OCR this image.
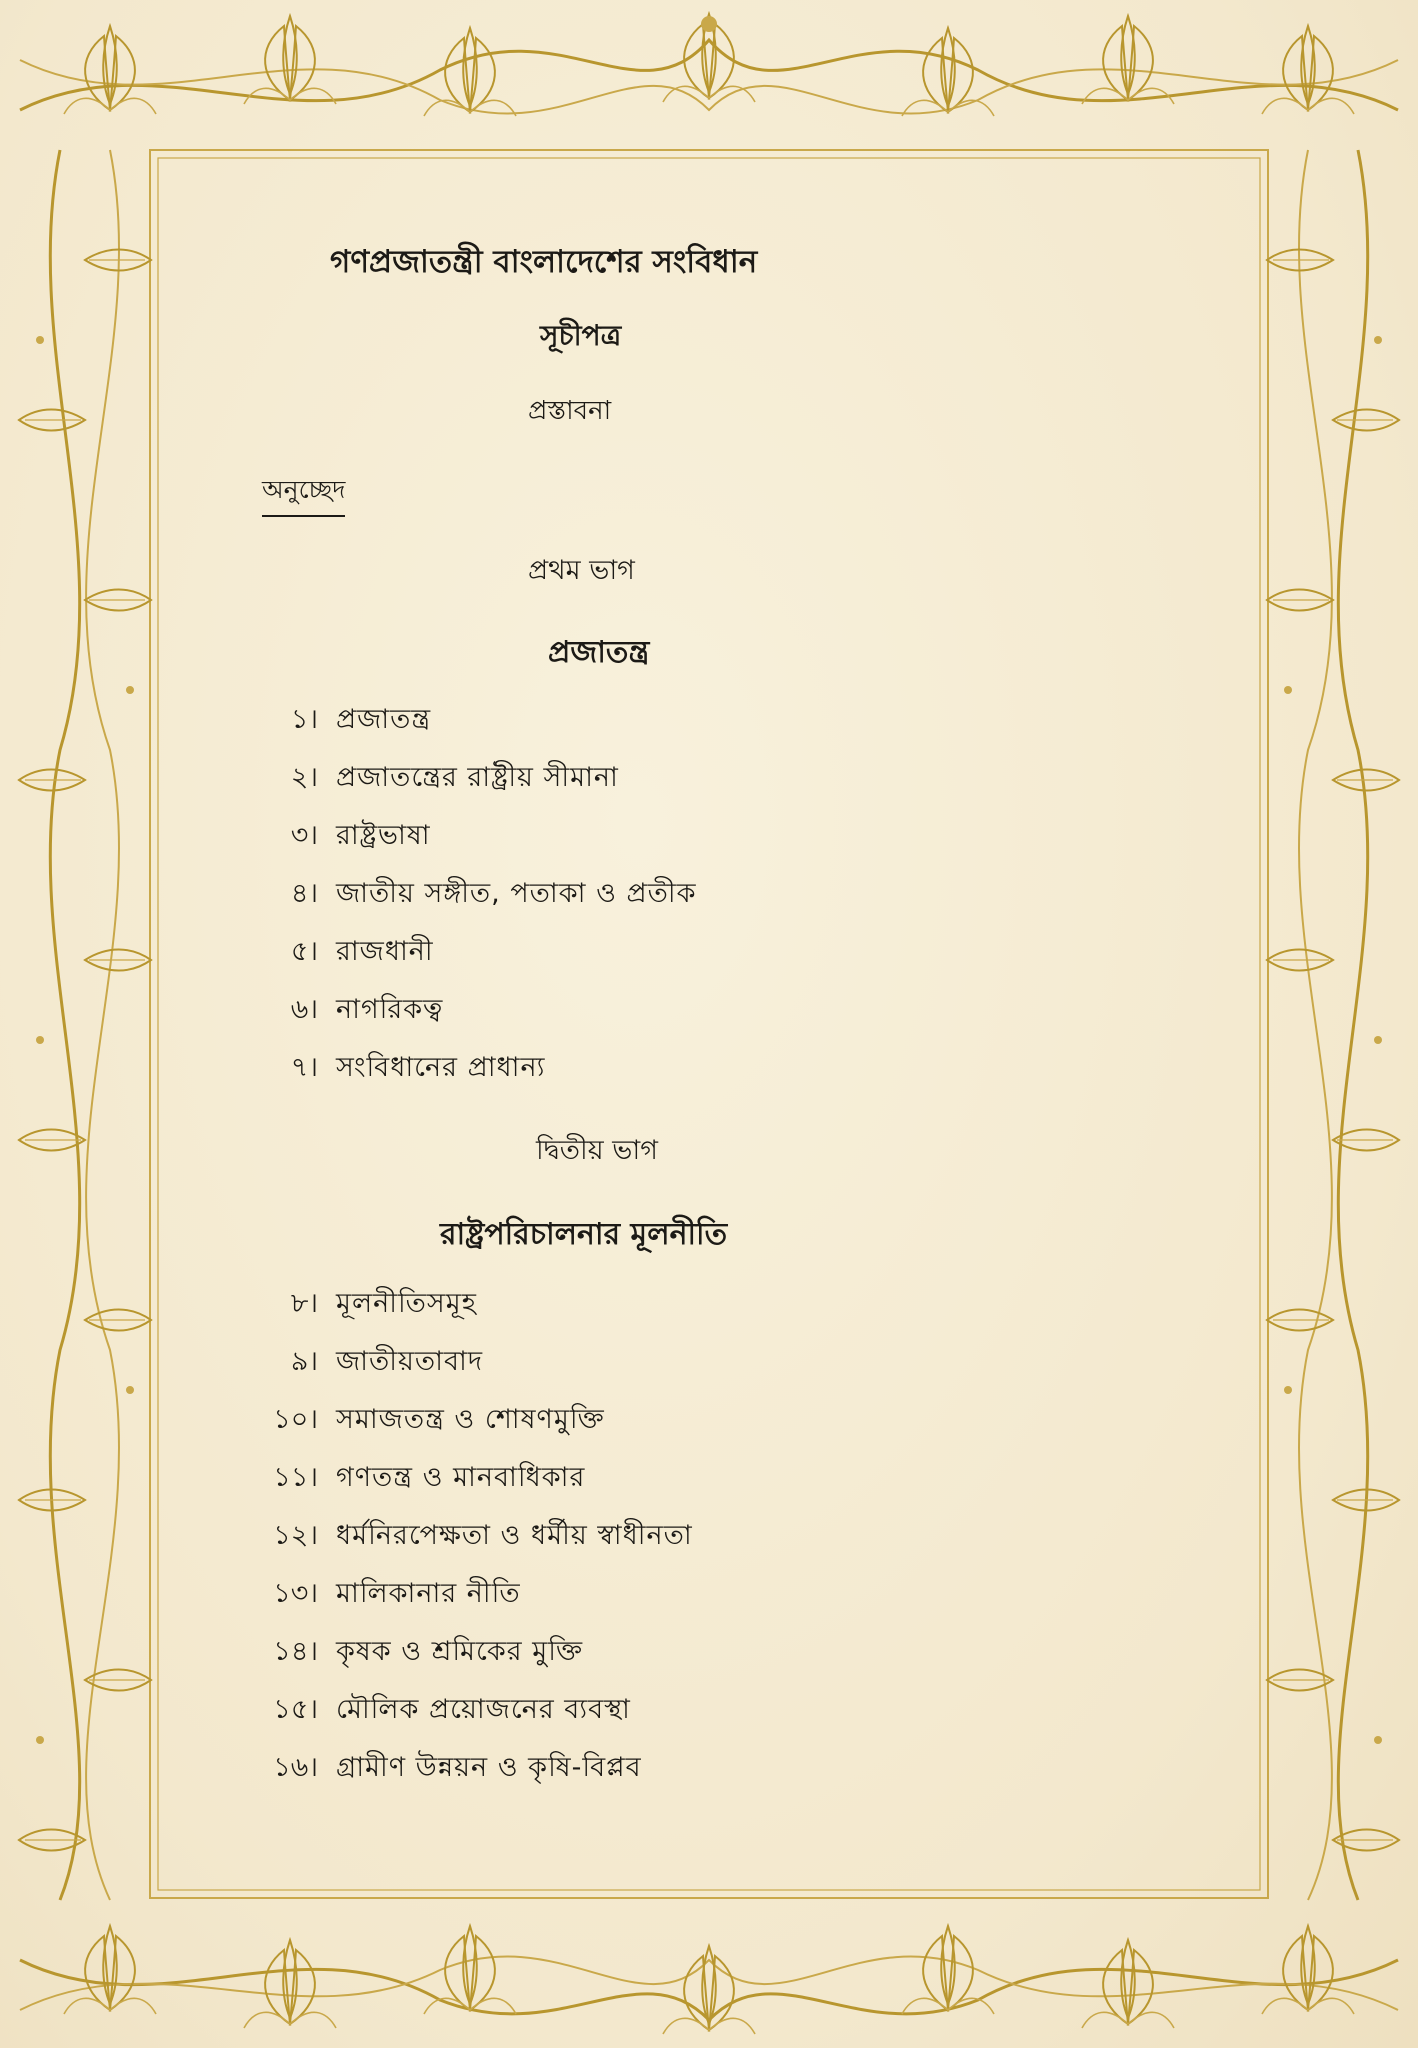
গণপ্রজাতন্ত্রী বাংলাদেশের সংবিধান
সূচীপত্র
প্রস্তাবনা
অনুচ্ছেদ
প্রথম ভাগ
প্রজাতন্ত্র
১। প্রজাতন্ত্র
২। প্রজাতন্ত্রের রাষ্ট্রীয় সীমানা
৩। রাষ্ট্রভাষা
৪। জাতীয় সঙ্গীত, পতাকা ও প্রতীক
৫। রাজধানী
৬। নাগরিকত্ব
৭। সংবিধানের প্রাধান্য
দ্বিতীয় ভাগ
রাষ্ট্রপরিচালনার মূলনীতি
৮। মূলনীতিসমূহ
৯। জাতীয়তাবাদ
১০। সমাজতন্ত্র ও শোষণমুক্তি
১১। গণতন্ত্র ও মানবাধিকার
১২। ধর্মনিরপেক্ষতা ও ধর্মীয় স্বাধীনতা
১৩। মালিকানার নীতি
১৪। কৃষক ও শ্রমিকের মুক্তি
১৫। মৌলিক প্রয়োজনের ব্যবস্থা
১৬। গ্রামীণ উন্নয়ন ও কৃষি-বিপ্লব
